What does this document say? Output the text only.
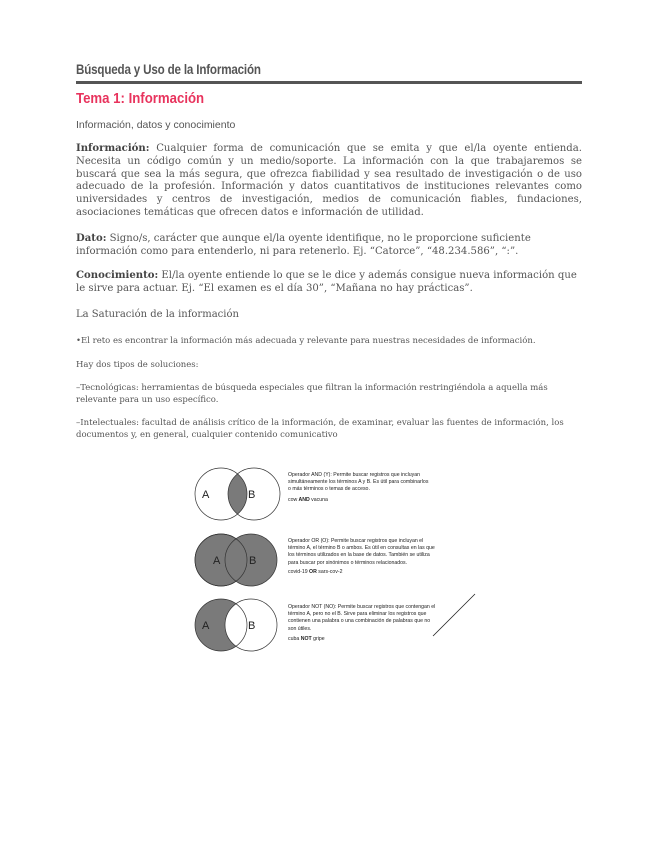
Búsqueda y Uso de la Información
Tema 1: Información
Información, datos y conocimiento

Información: Cualquier forma de comunicación que se emita y que el/la oyente entienda. Necesita un código común y un medio/soporte. La información con la que trabajaremos se buscará que sea la más segura, que ofrezca fiabilidad y sea resultado de investigación o de uso adecuado de la profesión. Información y datos cuantitativos de instituciones relevantes como universidades y centros de investigación, medios de comunicación fiables, fundaciones, asociaciones temáticas que ofrecen datos e información de utilidad.

Dato: Signo/s, carácter que aunque el/la oyente identifique, no le proporcione suficiente información como para entenderlo, ni para retenerlo. Ej. “Catorce”, “48.234.586”, “:”.

Conocimiento: El/la oyente entiende lo que se le dice y además consigue nueva información que le sirve para actuar. Ej. “El examen es el día 30”, “Mañana no hay prácticas”.

La Saturación de la información

•El reto es encontrar la información más adecuada y relevante para nuestras necesidades de información.

Hay dos tipos de soluciones:

–Tecnológicas: herramientas de búsqueda especiales que filtran la información restringiéndola a aquella más relevante para un uso específico.

–Intelectuales: facultad de análisis crítico de la información, de examinar, evaluar las fuentes de información, los documentos y, en general, cualquier contenido comunicativo

A	B
A	B
A	B
Operador AND (Y): Permite buscar registros que incluyan
simultáneamente los términos A y B. Es útil para combinarlos
o más términos o temas de acceso.
cow AND vacuna
Operador OR (O): Permite buscar registros que incluyan el
término A, el término B o ambos. Es útil en consultas en las que
los términos utilizados en la base de datos. También se utiliza
para buscar por sinónimos o términos relacionados.
covid-19 OR sars-cov-2
Operador NOT (NO): Permite buscar registros que contengan el
término A, pero no el B. Sirve para eliminar los registros que
contienen una palabra o una combinación de palabras que no
son útiles.
cuba NOT gripe
